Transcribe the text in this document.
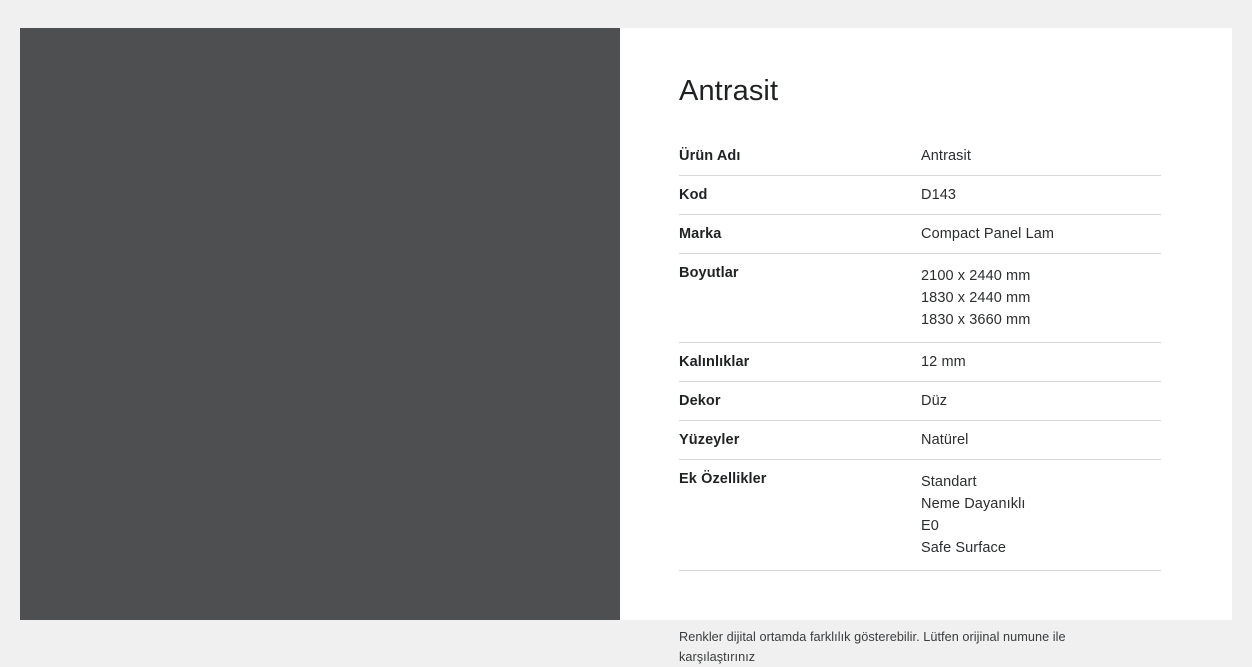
Antrasit
Ürün Adı	Antrasit
Kod	D143
Marka	Compact Panel Lam
Boyutlar	2100 x 2440 mm
1830 x 2440 mm
1830 x 3660 mm

Kalınlıklar	12 mm
Dekor	Düz
Yüzeyler	Natürel
Ek Özellikler	Standart
Neme Dayanıklı
E0
Safe Surface
Renkler dijital ortamda farklılık gösterebilir. Lütfen orijinal numune ile karşılaştırınız
